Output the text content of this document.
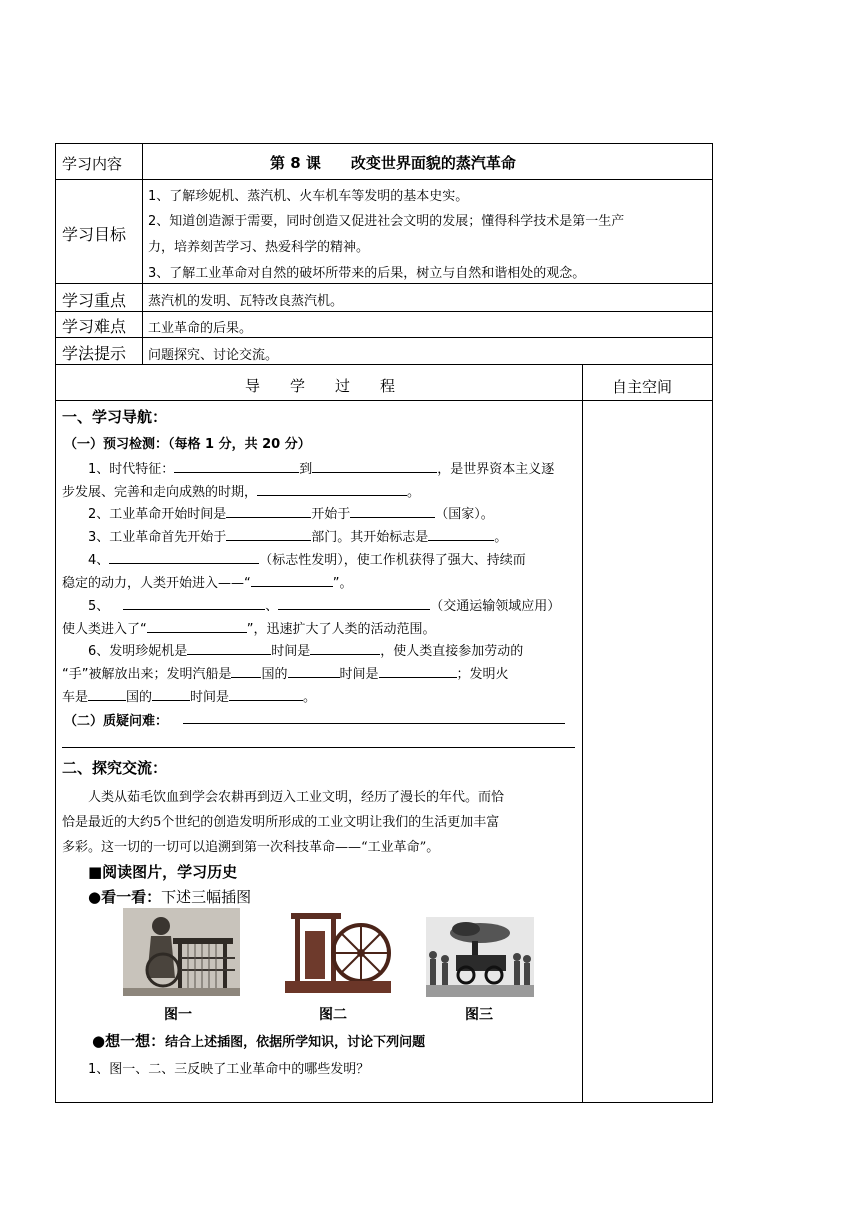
学习内容	第 8 课　　改变世界面貌的蒸汽革命
学习目标
1、了解珍妮机、蒸汽机、火车机车等发明的基本史实。
2、知道创造源于需要，同时创造又促进社会文明的发展；懂得科学技术是第一生产
力，培养刻苦学习、热爱科学的精神。
3、了解工业革命对自然的破坏所带来的后果，树立与自然和谐相处的观念。
学习重点 蒸汽机的发明、瓦特改良蒸汽机。
学习难点 工业革命的后果。
学法提示 问题探究、讨论交流。
导　　学　　过　　程	自主空间
一、学习导航：
（一）预习检测：（每格 1 分，共 20 分）
1、时代特征：	到	，是世界资本主义逐
步发展、完善和走向成熟的时期，	。
2、工业革命开始时间是	开始于	（国家）。
3、工业革命首先开始于	部门。其开始标志是	。
4、	（标志性发明），使工作机获得了强大、持续而
稳定的动力，人类开始进入——“	”。
5、	、	（交通运输领域应用）
使人类进入了“	”，迅速扩大了人类的活动范围。
6、发明珍妮机是	时间是	，使人类直接参加劳动的
“手”被解放出来；发明汽船是 国的	时间是	；发明火
车是	国的	时间是	。
（二）质疑问难：
二、探究交流：
人类从茹毛饮血到学会农耕再到迈入工业文明，经历了漫长的年代。而恰
恰是最近的大约5个世纪的创造发明所形成的工业文明让我们的生活更加丰富
多彩。这一切的一切可以追溯到第一次科技革命——“工业革命”。
■阅读图片，学习历史
●看一看：下述三幅插图
图一	图二	图三
●想一想：结合上述插图，依据所学知识，讨论下列问题
1、图一、二、三反映了工业革命中的哪些发明？
